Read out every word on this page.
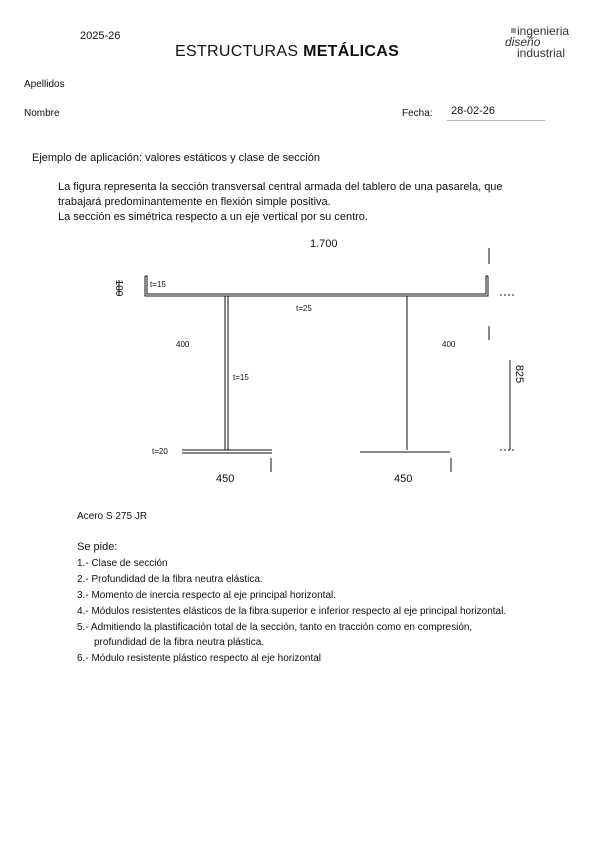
2025-26
ESTRUCTURAS METÁLICAS
ingenieria
diseño
industrial
Apellidos
Nombre	Fecha: 28-02-26
Ejemplo de aplicación: valores estáticos y clase de sección
La figura representa la sección transversal central armada del tablero de una pasarela, que
trabajará predominantemente en flexión simple positiva.
La sección es simétrica respecto a un eje vertical por su centro.
1.700
100	t=15
t=25
400	400
t=15	825
t=20
450	450
Acero S 275 JR
Se pide:
1.- Clase de sección
2.- Profundidad de la fibra neutra elástica.
3.- Momento de inercia respecto al eje principal horizontal.
4.- Módulos resistentes elásticos de la fibra superior e inferior respecto al eje principal horizontal.
5.- Admitiendo la plastificación total de la sección, tanto en tracción como en compresión,
profundidad de la fibra neutra plástica.
6.- Módulo resistente plástico respecto al eje horizontal
